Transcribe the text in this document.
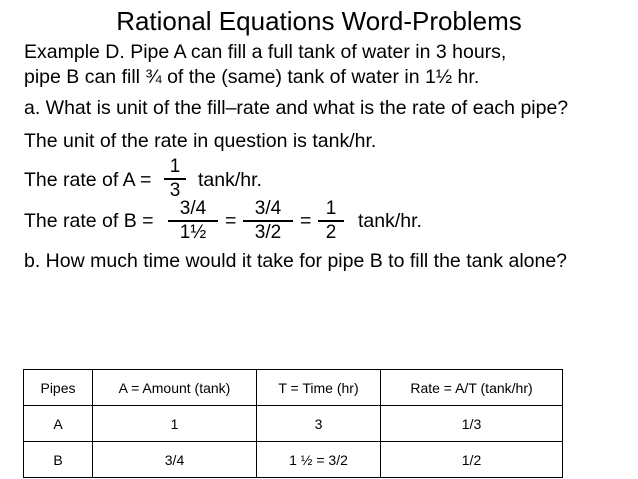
Rational Equations Word-Problems
Example D. Pipe A can fill a full tank of water in 3 hours,
pipe B can fill ¾ of the (same) tank of water in 1½ hr.
a. What is unit of the fill–rate and what is the rate of each pipe?
The unit of the rate in question is tank/hr.
The rate of A =
1
3 tank/hr.
The rate of B =
3/4
1½
=
3/4
3/2
=
1
2
tank/hr.
b. How much time would it take for pipe B to fill the tank alone?
Pipes	A = Amount (tank)	T = Time (hr)	Rate = A/T (tank/hr)
A	1	3	1/3
B	3/4	1 ½ = 3/2	1/2
